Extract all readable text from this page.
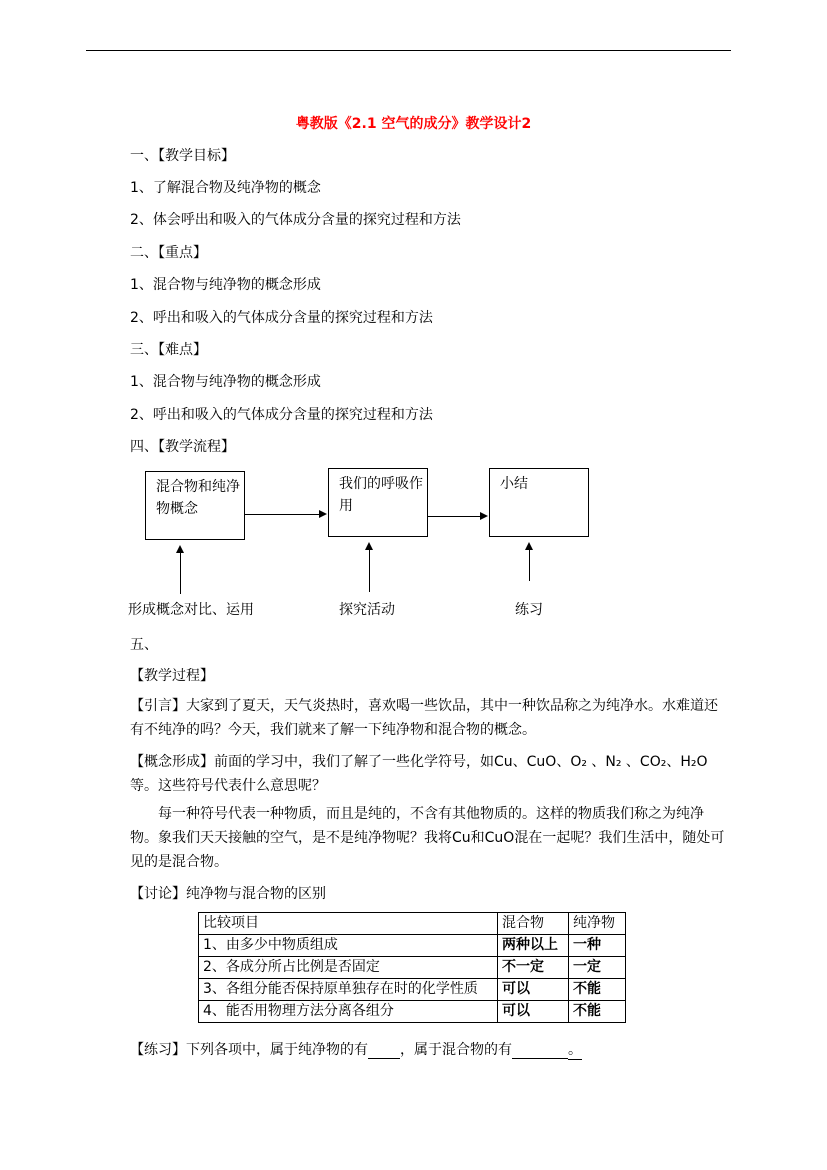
粤教版《2.1 空气的成分》教学设计2
一、【教学目标】
1、了解混合物及纯净物的概念
2、体会呼出和吸入的气体成分含量的探究过程和方法
二、【重点】
1、混合物与纯净物的概念形成
2、呼出和吸入的气体成分含量的探究过程和方法
三、【难点】
1、混合物与纯净物的概念形成
2、呼出和吸入的气体成分含量的探究过程和方法
四、【教学流程】
混合物和纯净物概念
我们的呼吸作用
小结
形成概念对比、运用	探究活动	练习
五、
【教学过程】
【引言】大家到了夏天，天气炎热时，喜欢喝一些饮品，其中一种饮品称之为纯净水。水难道还有不纯净的吗？今天，我们就来了解一下纯净物和混合物的概念。
【概念形成】前面的学习中，我们了解了一些化学符号，如Cu、CuO、O₂ 、N₂ 、CO₂、H₂O 等。这些符号代表什么意思呢？
每一种符号代表一种物质，而且是纯的，不含有其他物质的。这样的物质我们称之为纯净物。象我们天天接触的空气，是不是纯净物呢？我将Cu和CuO混在一起呢？我们生活中，随处可见的是混合物。
【讨论】纯净物与混合物的区别
比较项目	混合物	纯净物
1、由多少中物质组成	两种以上	一种
2、各成分所占比例是否固定	不一定	一定
3、各组分能否保持原单独存在时的化学性质	可以	不能
4、能否用物理方法分离各组分	可以	不能
【练习】下列各项中，属于纯净物的有 ，属于混合物的有	。
